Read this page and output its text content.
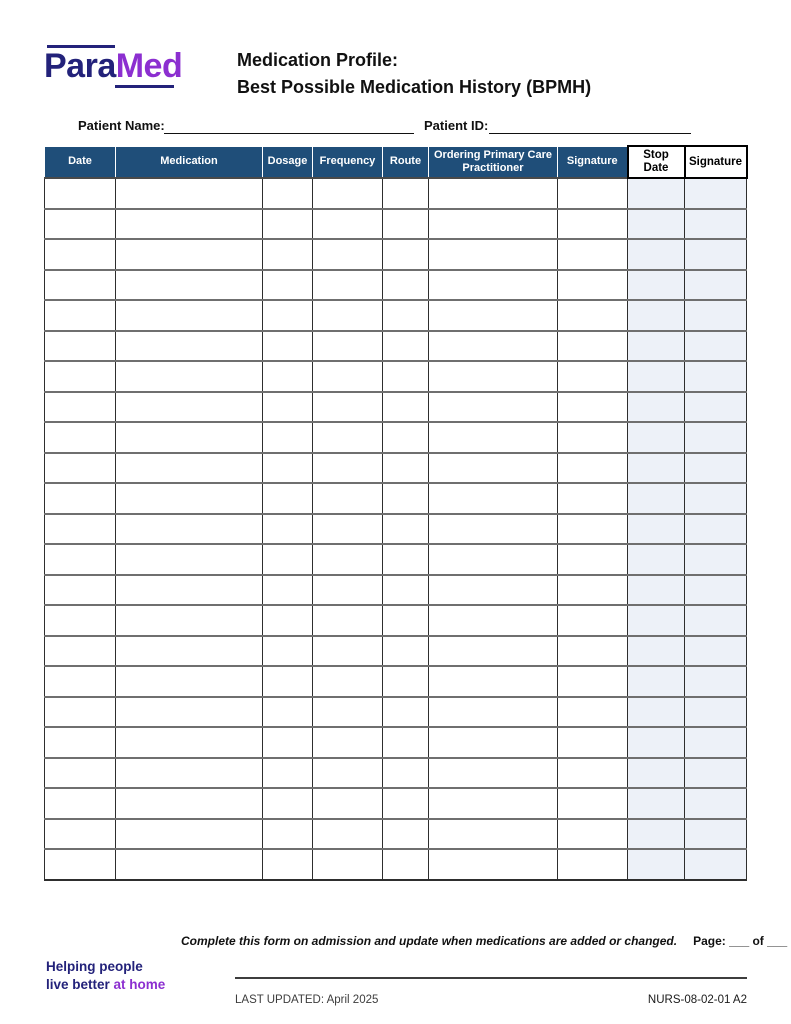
ParaMed	Medication Profile:
Best Possible Medication History (BPMH)
Patient Name:	Patient ID:
Date	Medication	Dosage	Frequency	Route	Ordering Primary Care Practitioner	Signature	Stop Date	Signature

Complete this form on admission and update when medications are added or changed. Page: ___ of ___
Helping people
live better at home
LAST UPDATED: April 2025	NURS-08-02-01 A2
